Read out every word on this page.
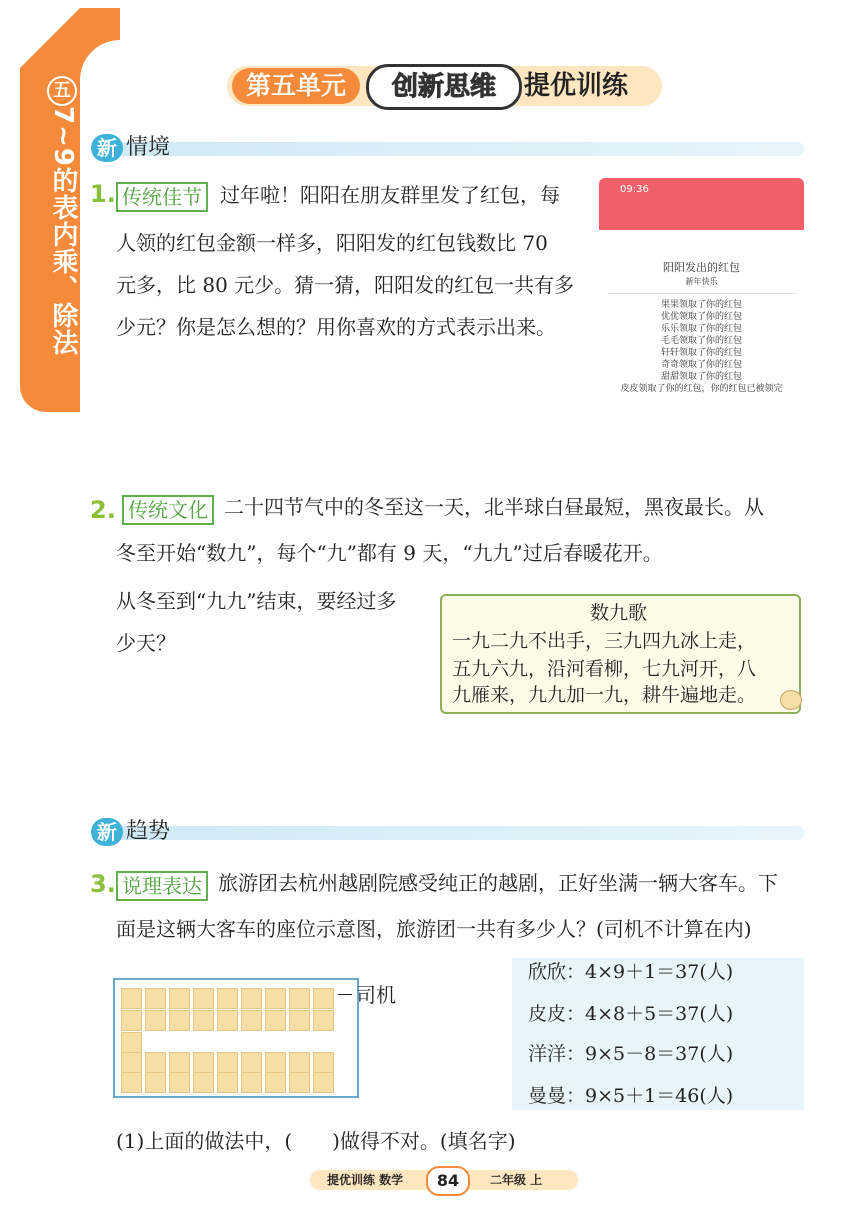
五
7~9的表内乘、除法
第五单元	创新思维	提优训练
新 情境
1. 传统佳节 过年啦！阳阳在朋友群里发了红包，每
人领的红包金额一样多，阳阳发的红包钱数比 70
元多，比 80 元少。猜一猜，阳阳发的红包一共有多
少元？你是怎么想的？用你喜欢的方式表示出来。
09:36
阳阳发出的红包
新年快乐
果果领取了你的红包
优优领取了你的红包
乐乐领取了你的红包
毛毛领取了你的红包
轩轩领取了你的红包
奇奇领取了你的红包
甜甜领取了你的红包
皮皮领取了你的红包，你的红包已被领完
2. 传统文化 二十四节气中的冬至这一天，北半球白昼最短，黑夜最长。从
冬至开始“数九”，每个“九”都有 9 天，“九九”过后春暖花开。
从冬至到“九九”结束，要经过多
少天？
数九歌
一九二九不出手，三九四九冰上走，
五九六九，沿河看柳，七九河开，八
九雁来，九九加一九，耕牛遍地走。
新 趋势
3. 说理表达 旅游团去杭州越剧院感受纯正的越剧，正好坐满一辆大客车。下
面是这辆大客车的座位示意图，旅游团一共有多少人？(司机不计算在内)
欣欣：4×9＋1＝37(人)
皮皮：4×8＋5＝37(人)
洋洋：9×5－8＝37(人)
曼曼：9×5＋1＝46(人)
司机
(1)上面的做法中，(　　)做得不对。(填名字)
提优训练 数学	84	二年级 上
